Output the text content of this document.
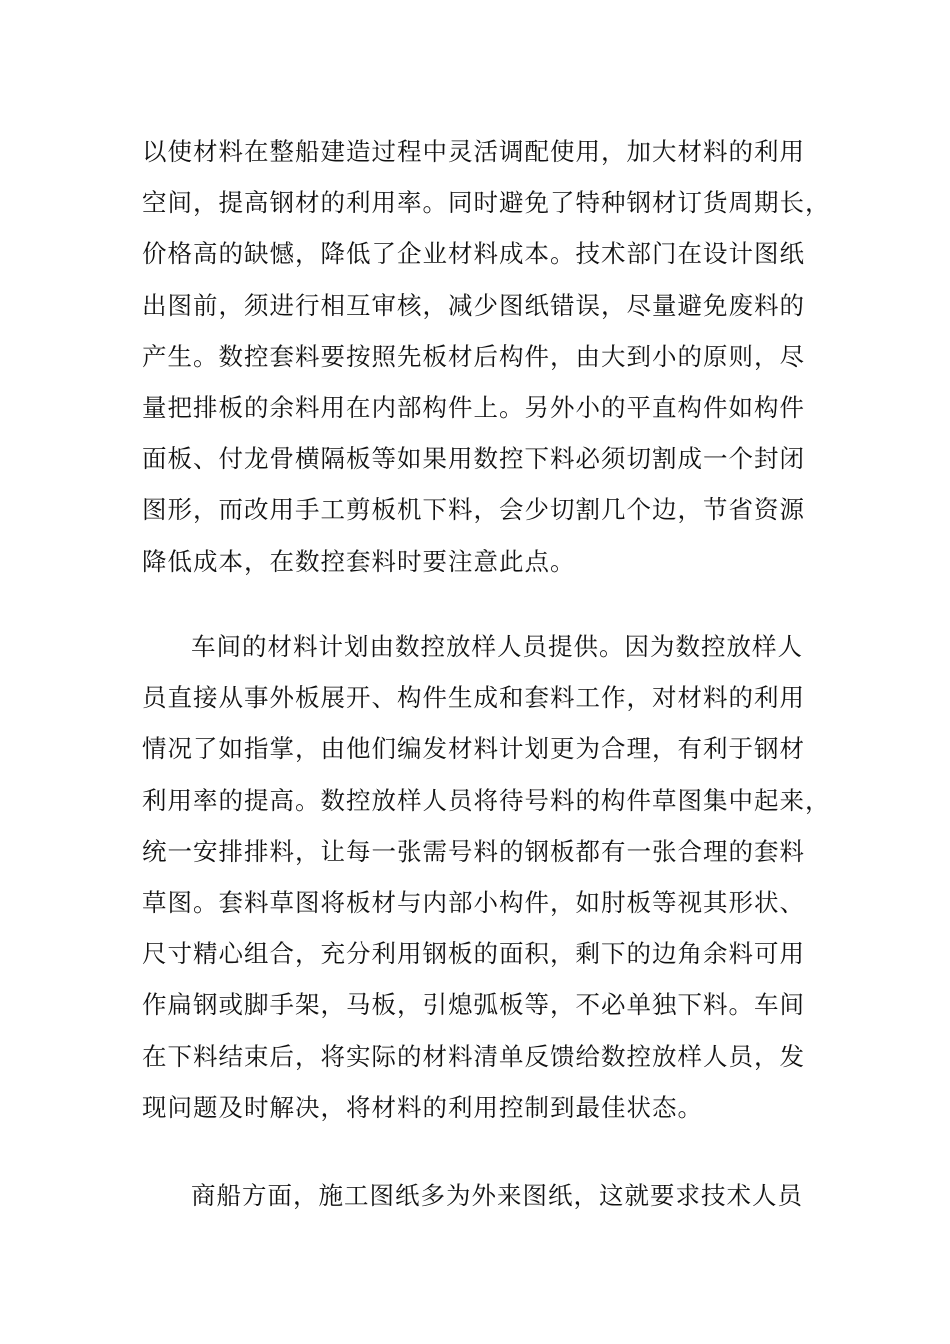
以使材料在整船建造过程中灵活调配使用，加大材料的利用
空间，提高钢材的利用率。同时避免了特种钢材订货周期长，
价格高的缺憾，降低了企业材料成本。技术部门在设计图纸
出图前，须进行相互审核，减少图纸错误，尽量避免废料的
产生。数控套料要按照先板材后构件，由大到小的原则，尽
量把排板的余料用在内部构件上。另外小的平直构件如构件
面板、付龙骨横隔板等如果用数控下料必须切割成一个封闭
图形，而改用手工剪板机下料，会少切割几个边，节省资源
降低成本，在数控套料时要注意此点。
车间的材料计划由数控放样人员提供。因为数控放样人
员直接从事外板展开、构件生成和套料工作，对材料的利用
情况了如指掌，由他们编发材料计划更为合理，有利于钢材
利用率的提高。数控放样人员将待号料的构件草图集中起来，
统一安排排料，让每一张需号料的钢板都有一张合理的套料
草图。套料草图将板材与内部小构件，如肘板等视其形状、
尺寸精心组合，充分利用钢板的面积，剩下的边角余料可用
作扁钢或脚手架，马板，引熄弧板等，不必单独下料。车间
在下料结束后，将实际的材料清单反馈给数控放样人员，发
现问题及时解决，将材料的利用控制到最佳状态。
商船方面，施工图纸多为外来图纸，这就要求技术人员
